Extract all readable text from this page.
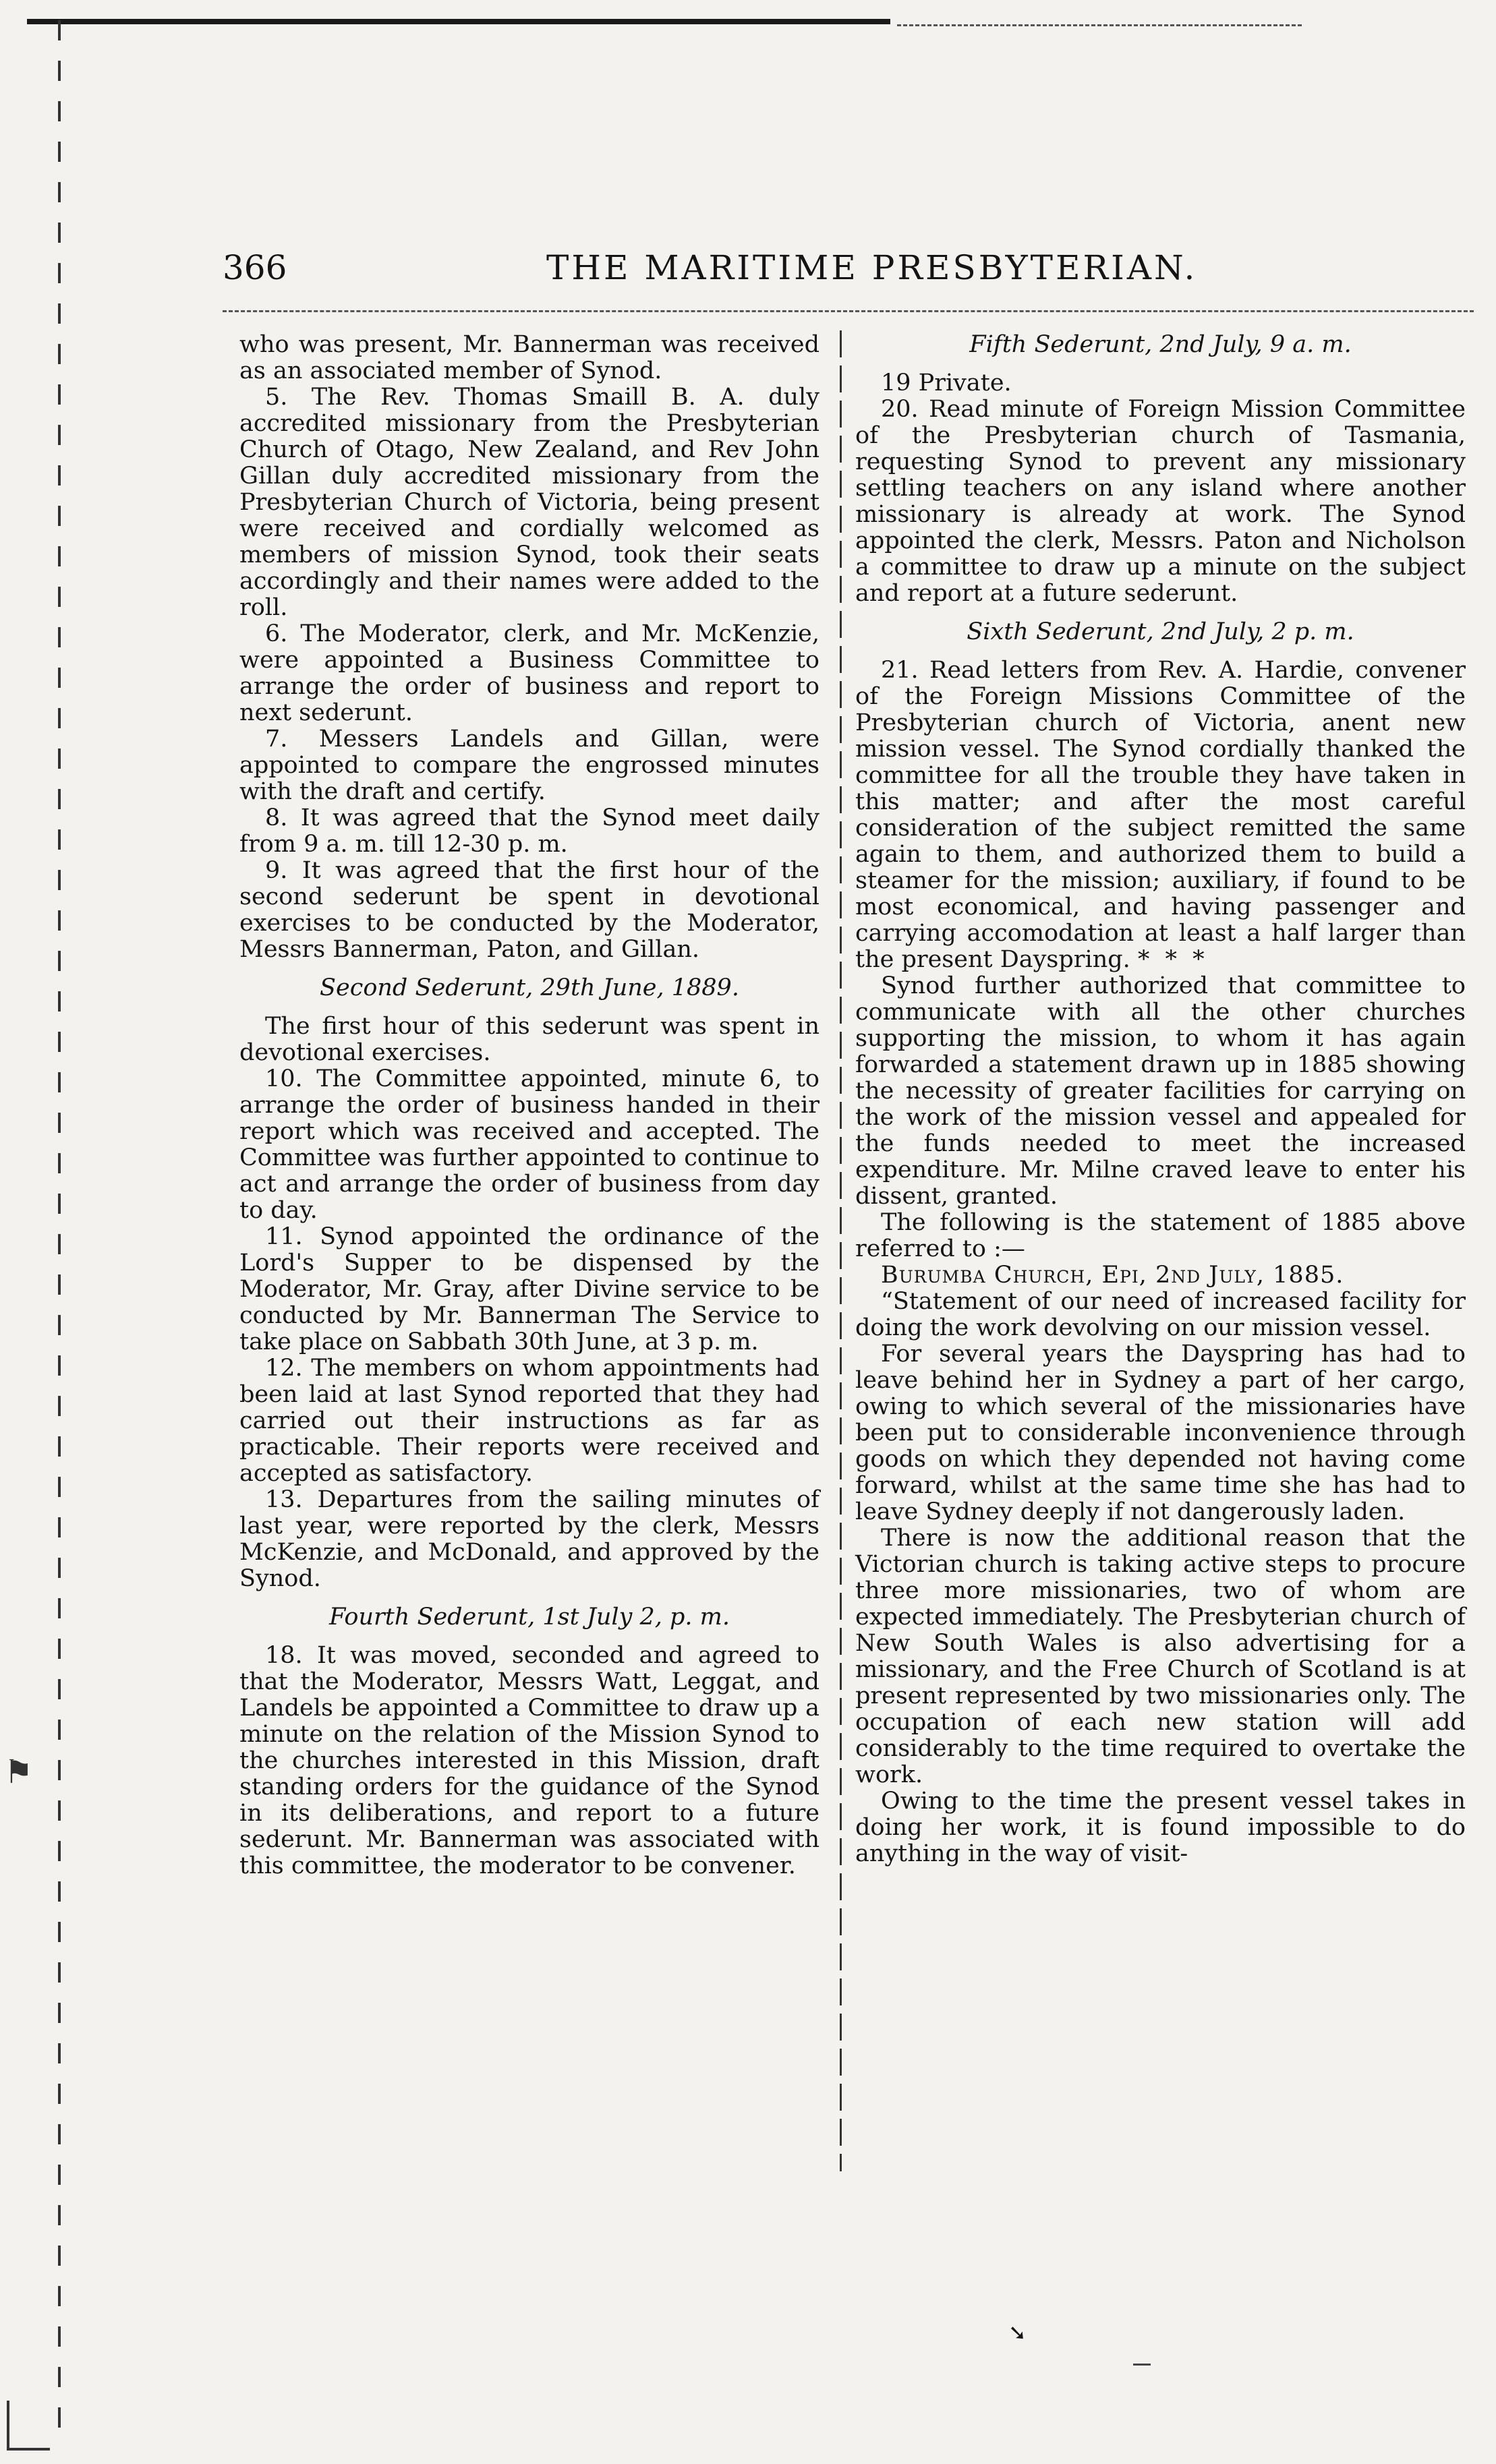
⚑
366	THE MARITIME PRESBYTERIAN.

who was present, Mr. Bannerman was received as an associated member of Synod.

5. The Rev. Thomas Smaill B. A. duly accredited missionary from the Presbyterian Church of Otago, New Zealand, and Rev John Gillan duly accredited missionary from the Presbyterian Church of Victoria, being present were received and cordially welcomed as members of mission Synod, took their seats accordingly and their names were added to the roll.

6. The Moderator, clerk, and Mr. McKenzie, were appointed a Business Committee to arrange the order of business and report to next sederunt.

7. Messers Landels and Gillan, were appointed to compare the engrossed minutes with the draft and certify.

8. It was agreed that the Synod meet daily from 9 a. m. till 12-30 p. m.

9. It was agreed that the first hour of the second sederunt be spent in devotional exercises to be conducted by the Moderator, Messrs Bannerman, Paton, and Gillan.

Second Sederunt, 29th June, 1889.

The first hour of this sederunt was spent in devotional exercises.

10. The Committee appointed, minute 6, to arrange the order of business handed in their report which was received and accepted. The Committee was further appointed to continue to act and arrange the order of business from day to day.

11. Synod appointed the ordinance of the Lord's Supper to be dispensed by the Moderator, Mr. Gray, after Divine service to be conducted by Mr. Bannerman The Service to take place on Sabbath 30th June, at 3 p. m.

12. The members on whom appointments had been laid at last Synod reported that they had carried out their instructions as far as practicable. Their reports were received and accepted as satisfactory.

13. Departures from the sailing minutes of last year, were reported by the clerk, Messrs McKenzie, and McDonald, and approved by the Synod.

Fourth Sederunt, 1st July 2, p. m.

18. It was moved, seconded and agreed to that the Moderator, Messrs Watt, Leggat, and Landels be appointed a Committee to draw up a minute on the relation of the Mission Synod to the churches interested in this Mission, draft standing orders for the guidance of the Synod in its deliberations, and report to a future sederunt. Mr. Bannerman was associated with this committee, the moderator to be convener.

Fifth Sederunt, 2nd July, 9 a. m.

19 Private.

20. Read minute of Foreign Mission Committee of the Presbyterian church of Tasmania, requesting Synod to prevent any missionary settling teachers on any island where another missionary is already at work. The Synod appointed the clerk, Messrs. Paton and Nicholson a committee to draw up a minute on the subject and report at a future sederunt.

Sixth Sederunt, 2nd July, 2 p. m.

21. Read letters from Rev. A. Hardie, convener of the Foreign Missions Committee of the Presbyterian church of Victoria, anent new mission vessel. The Synod cordially thanked the committee for all the trouble they have taken in this matter; and after the most careful consideration of the subject remitted the same again to them, and authorized them to build a steamer for the mission; auxiliary, if found to be most economical, and having passenger and carrying accomodation at least a half larger than the present Dayspring. * * *

Synod further authorized that committee to communicate with all the other churches supporting the mission, to whom it has again forwarded a statement drawn up in 1885 showing the necessity of greater facilities for carrying on the work of the mission vessel and appealed for the funds needed to meet the increased expenditure. Mr. Milne craved leave to enter his dissent, granted.

The following is the statement of 1885 above referred to :—

Burumba Church, Epi, 2nd July, 1885.

“Statement of our need of increased facility for doing the work devolving on our mission vessel.

For several years the Dayspring has had to leave behind her in Sydney a part of her cargo, owing to which several of the missionaries have been put to considerable inconvenience through goods on which they depended not having come forward, whilst at the same time she has had to leave Sydney deeply if not dangerously laden.

There is now the additional reason that the Victorian church is taking active steps to procure three more missionaries, two of whom are expected immediately. The Presbyterian church of New South Wales is also advertising for a missionary, and the Free Church of Scotland is at present represented by two missionaries only. The occupation of each new station will add considerably to the time required to overtake the work.

Owing to the time the present vessel takes in doing her work, it is found impossible to do anything in the way of visit-

➘
